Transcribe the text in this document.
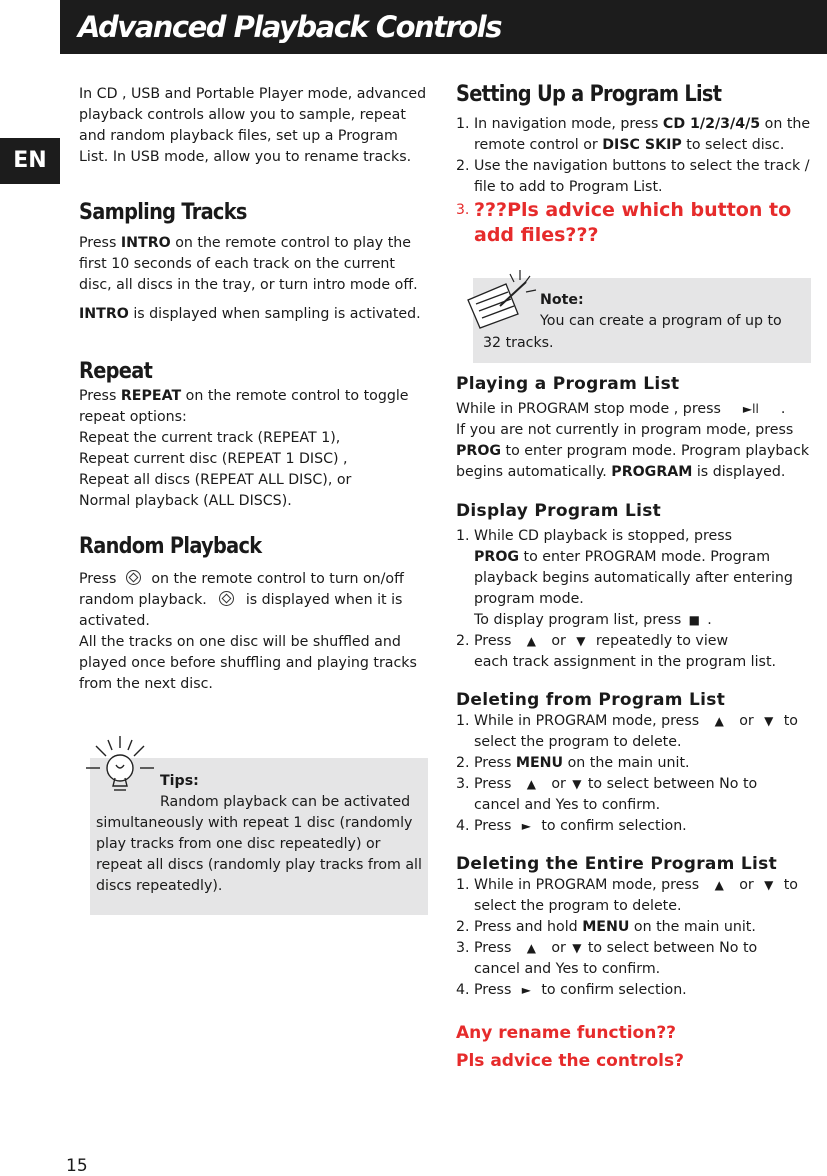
Advanced Playback Controls
EN

In CD , USB and Portable Player mode, advanced playback controls allow you to sample, repeat and random playback files, set up a Program List. In USB mode, allow you to rename tracks.

Sampling Tracks

Press INTRO on the remote control to play the first 10 seconds of each track on the current disc, all discs in the tray, or turn intro mode off.

INTRO is displayed when sampling is activated.

Repeat

Press REPEAT on the remote control to toggle repeat options:

Repeat the current track (REPEAT 1),

Repeat current disc (REPEAT 1 DISC) ,

Repeat all discs (REPEAT ALL DISC), or

Normal playback (ALL DISCS).

Random Playback

Press on the remote control to turn on/off
random playback.	is displayed when it is
activated.

All the tracks on one disc will be shuffled and played once before shuffling and playing tracks from the next disc.

Tips:

Random playback can be activated

simultaneously with repeat 1 disc (randomly play tracks from one disc repeatedly) or repeat all discs (randomly play tracks from all discs repeatedly).
Setting Up a Program List
1. In navigation mode, press CD 1/2/3/4/5 on the remote control or DISC SKIP to select disc.
2. Use the navigation buttons to select the track / file to add to Program List.
3. ???Pls advice which button to add files???

Note:

You can create a program of up to

32 tracks.
Playing a Program List

While in PROGRAM stop mode , press ►ll .

If you are not currently in program mode, press PROG to enter program mode. Program playback begins automatically. PROGRAM is displayed.

Display Program List
1. While CD playback is stopped, press
PROG to enter PROGRAM mode. Program playback begins automatically after entering program mode.
To display program list, press ■ .
2. Press ▲ or ▼ repeatedly to view
each track assignment in the program list.
Deleting from Program List
1. While in PROGRAM mode, press ▲ or ▼ to
select the program to delete.
2. Press MENU on the main unit.
3. Press ▲ or ▼ to select between No to
cancel and Yes to confirm.
4. Press ► to confirm selection.
Deleting the Entire Program List
1. While in PROGRAM mode, press ▲ or ▼ to
select the program to delete.
2. Press and hold MENU on the main unit.
3. Press ▲ or ▼ to select between No to
cancel and Yes to confirm.
4. Press ► to confirm selection.

Any rename function??
Pls advice the controls?

15
